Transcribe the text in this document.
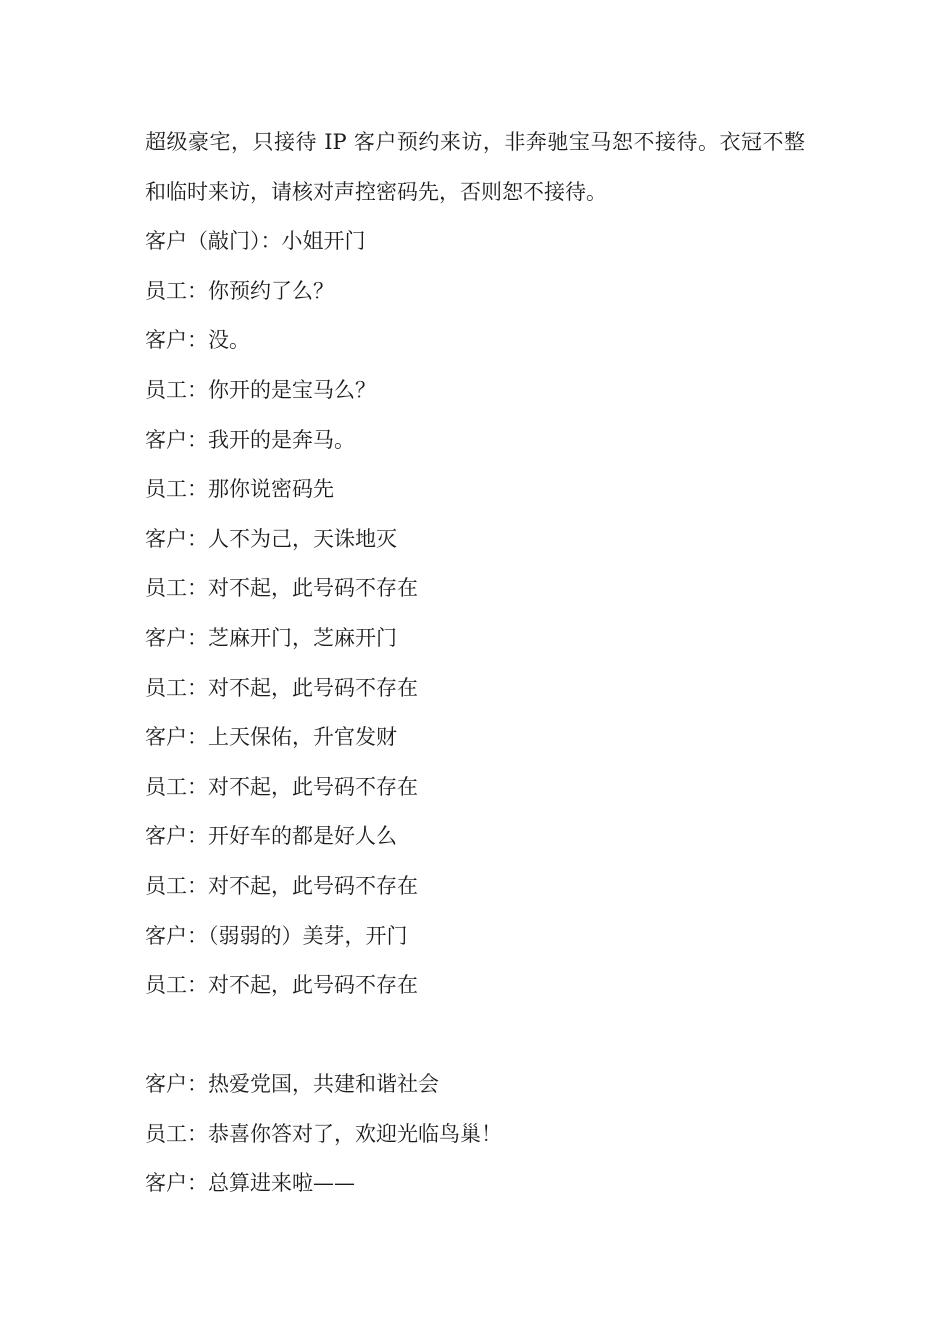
超级豪宅，只接待 IP 客户预约来访，非奔驰宝马恕不接待。衣冠不整和临时来访，请核对声控密码先，否则恕不接待。

客户（敲门）：小姐开门

员工：你预约了么？

客户：没。

员工：你开的是宝马么？

客户：我开的是奔马。

员工：那你说密码先

客户：人不为己，天诛地灭

员工：对不起，此号码不存在

客户：芝麻开门，芝麻开门

员工：对不起，此号码不存在

客户：上天保佑，升官发财

员工：对不起，此号码不存在

客户：开好车的都是好人么

员工：对不起，此号码不存在

客户：（弱弱的）美芽，开门

员工：对不起，此号码不存在

客户：热爱党国，共建和谐社会

员工：恭喜你答对了，欢迎光临鸟巢！

客户：总算进来啦——
